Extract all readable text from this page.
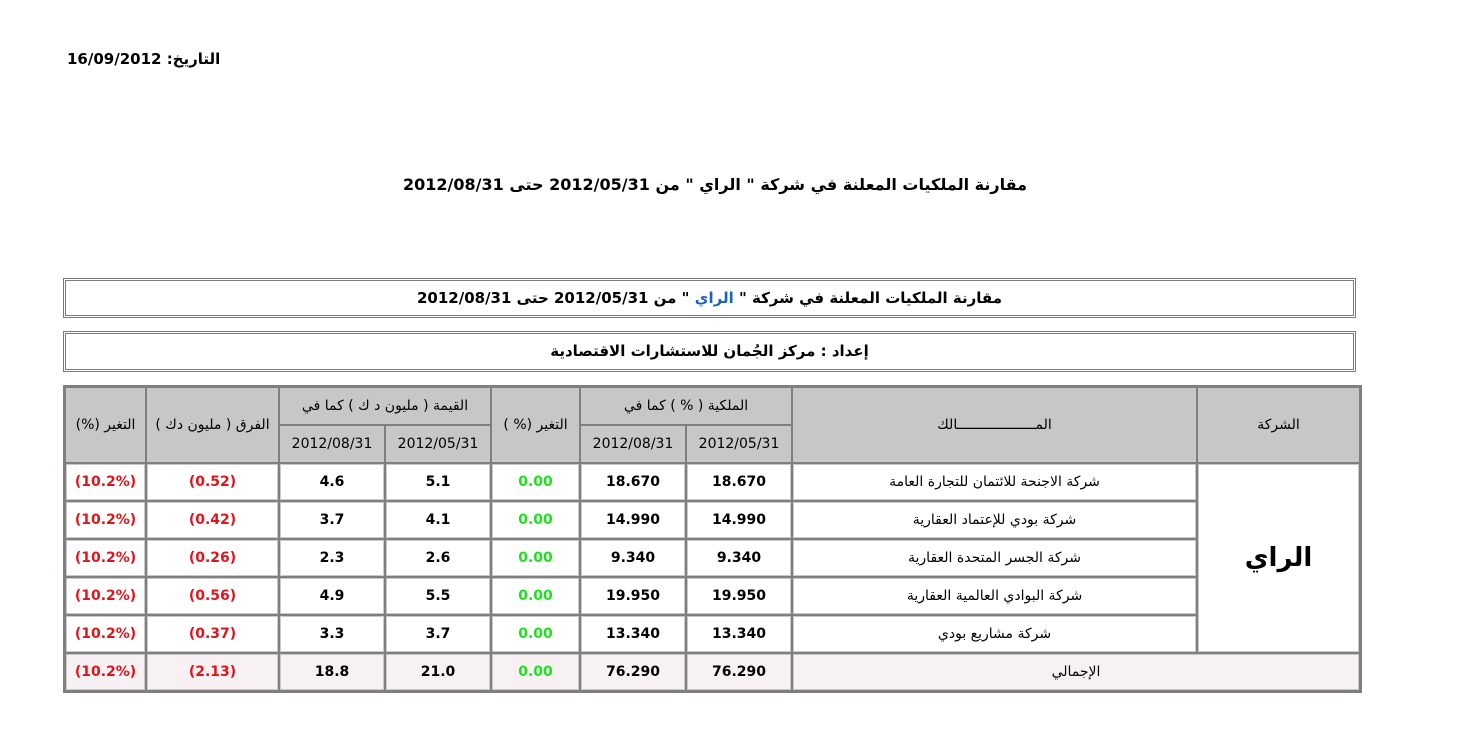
التاريخ: 16/09/2012
مقارنة الملكيات المعلنة في شركة " الراي " من 2012/05/31 حتى 2012/08/31
مقارنة الملكيات المعلنة في شركة " الراي " من 2012/05/31 حتى 2012/08/31
إعداد : مركز الجُمان للاستشارات الاقتصادية
الشركة	المـــــــــــــــــــالك	الملكية ( % ) كما في		التغير (% )	القيمة ( مليون د ك ) كما في		الفرق ( مليون دك )	التغير (%)
		2012/05/31	2012/08/31		2012/05/31	2012/08/31		
الراي	شركة الاجنحة للائتمان للتجارة العامة	18.670	18.670	0.00	5.1	4.6	(0.52)	(10.2%)
	شركة بودي للإعتماد العقارية	14.990	14.990	0.00	4.1	3.7	(0.42)	(10.2%)
	شركة الجسر المتحدة العقارية	9.340	9.340	0.00	2.6	2.3	(0.26)	(10.2%)
	شركة البوادي العالمية العقارية	19.950	19.950	0.00	5.5	4.9	(0.56)	(10.2%)
	شركة مشاريع بودي	13.340	13.340	0.00	3.7	3.3	(0.37)	(10.2%)
الإجمالي		76.290	76.290	0.00	21.0	18.8	(2.13)	(10.2%)
